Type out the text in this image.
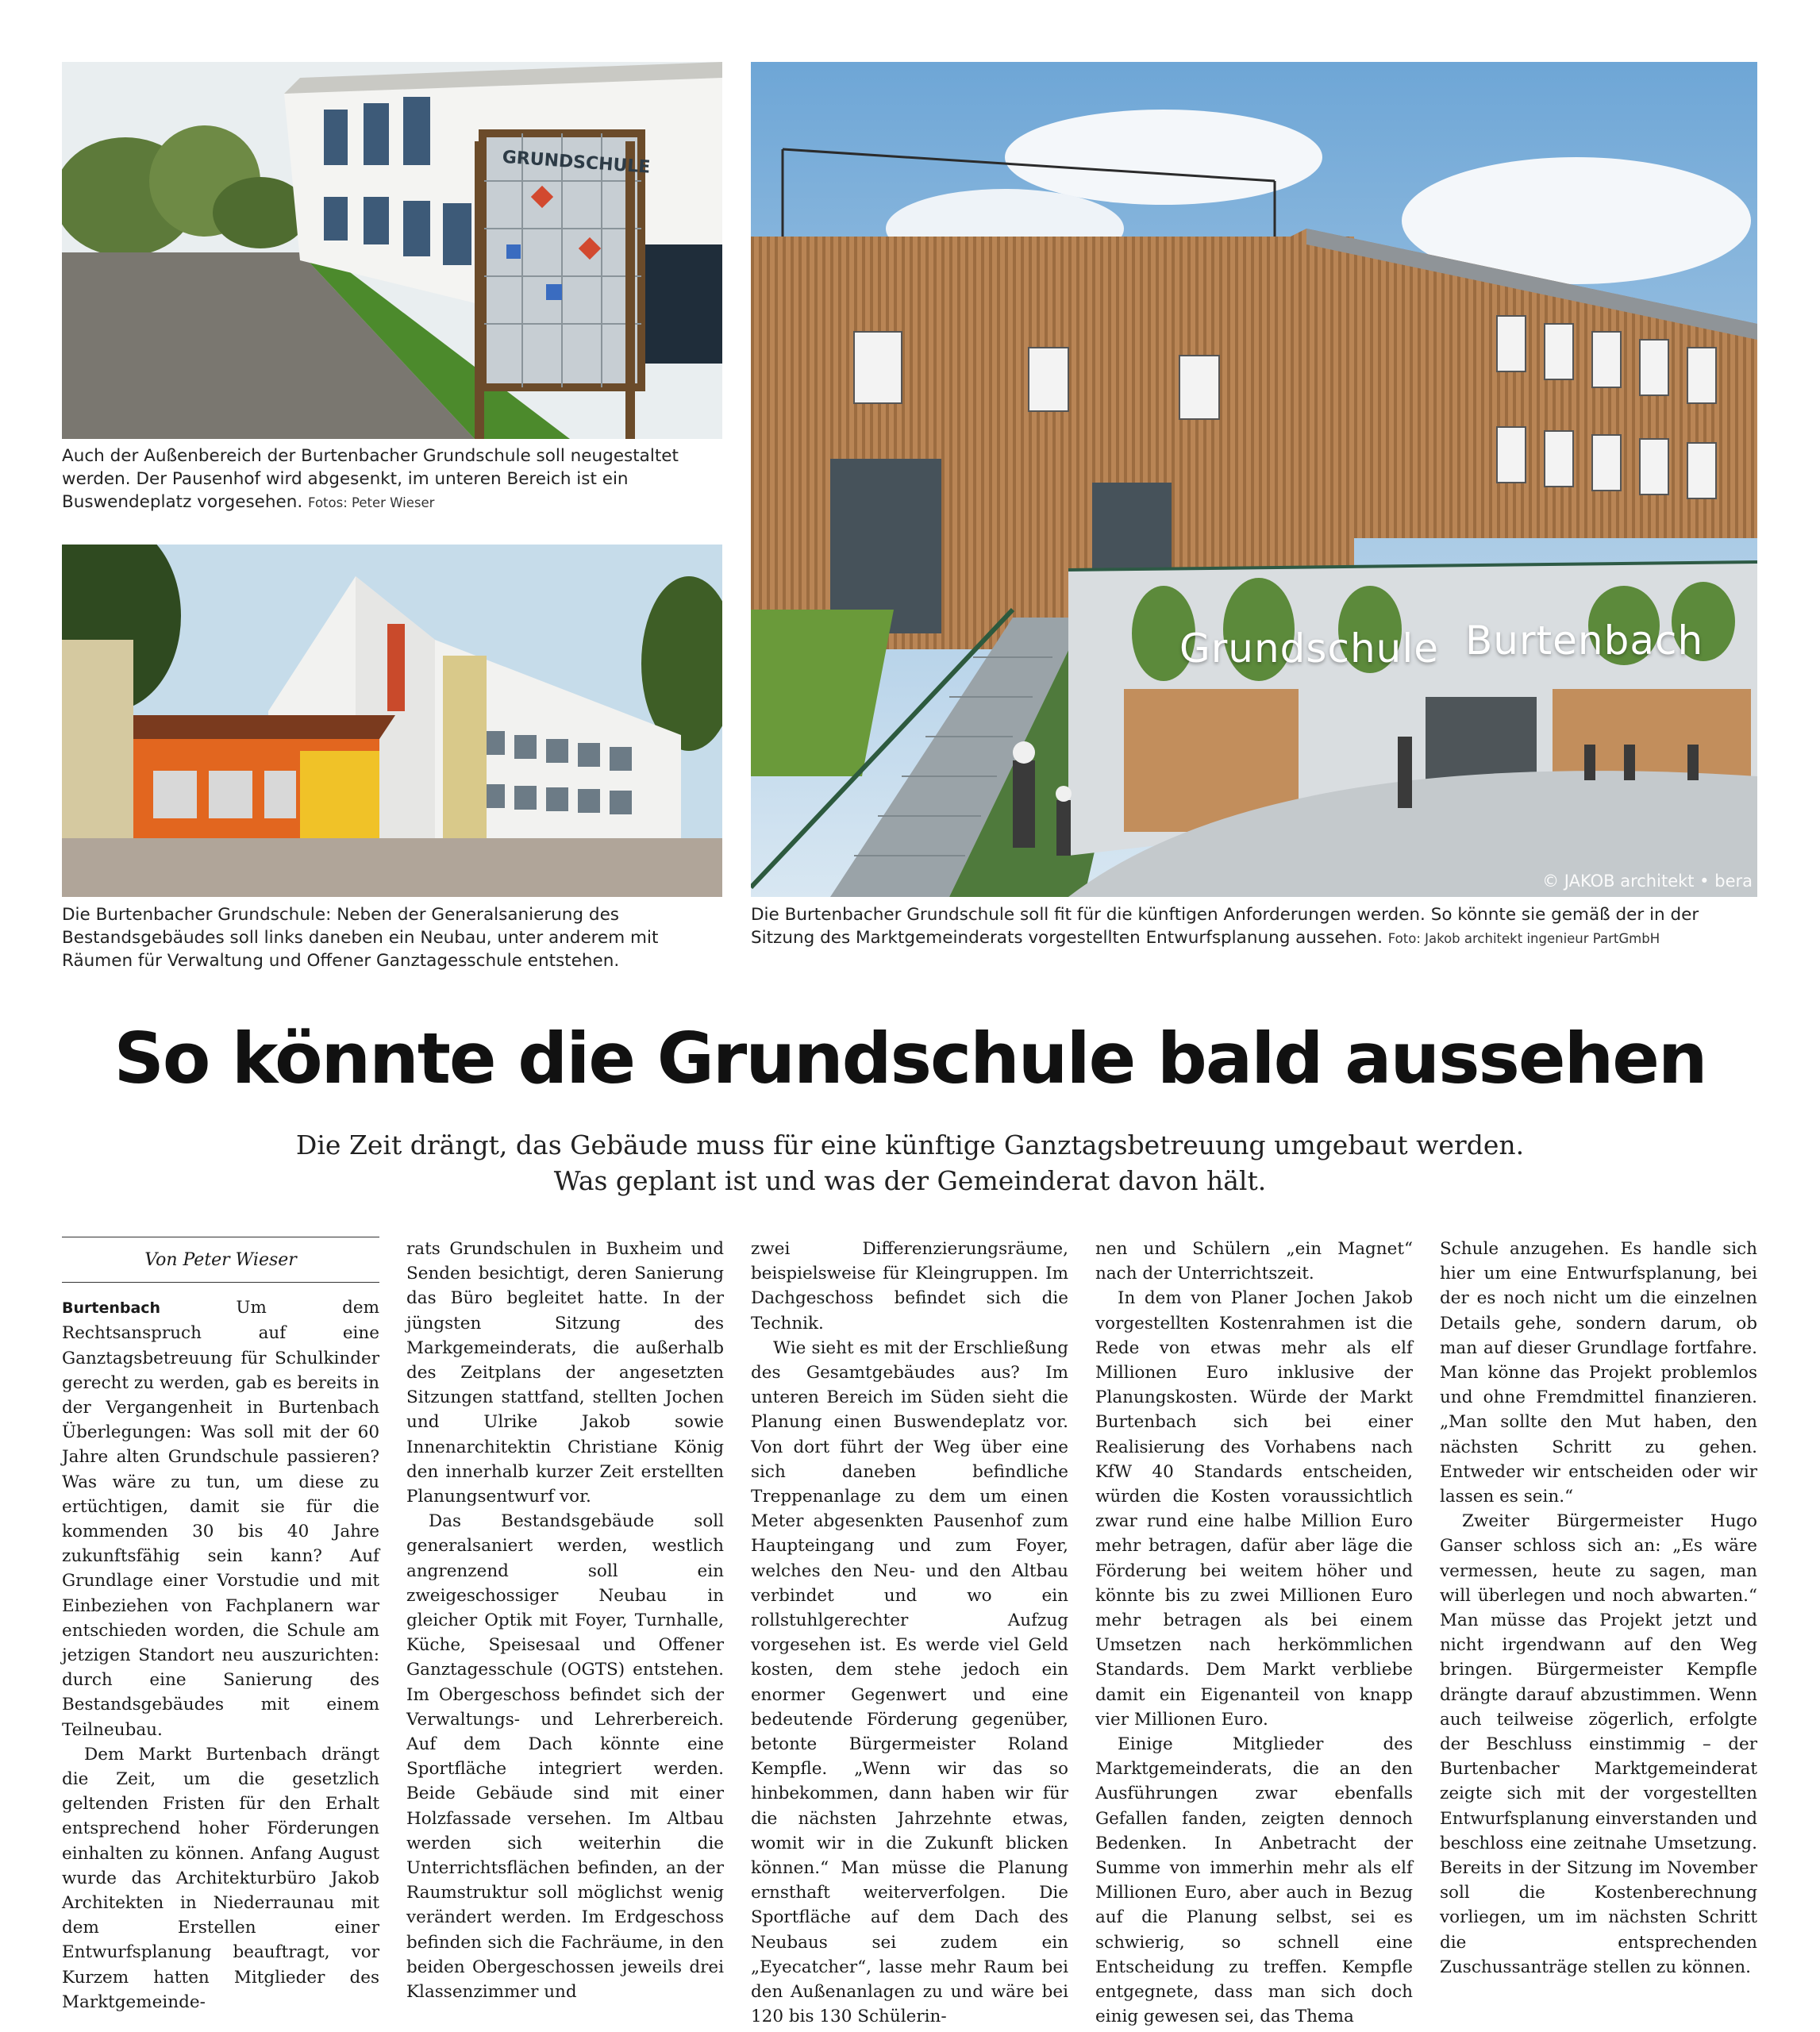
GRUNDSCHULE

Auch der Außenbereich der Burtenbacher Grundschule soll neugestaltet werden. Der Pausenhof wird abgesenkt, im unteren Bereich ist ein Buswendeplatz vorgesehen. Fotos: Peter Wieser

Die Burtenbacher Grundschule: Neben der Generalsanierung des Bestandsgebäudes soll links daneben ein Neubau, unter anderem mit Räumen für Verwaltung und Offener Ganztagesschule entstehen.

Grundschule Burtenbach
© JAKOB architekt • bera

Die Burtenbacher Grundschule soll fit für die künftigen Anforderungen werden. So könnte sie gemäß der in der Sitzung des Marktgemeinderats vorgestellten Entwurfsplanung aussehen. Foto: Jakob architekt ingenieur PartGmbH

So könnte die Grundschule bald aussehen
Die Zeit drängt, das Gebäude muss für eine künftige Ganztagsbetreuung umgebaut werden.
Was geplant ist und was der Gemeinderat davon hält.
Von Peter Wieser

Burtenbach	Um dem Rechtsanspruch auf eine Ganztagsbetreuung für Schulkinder gerecht zu werden, gab es bereits in der Vergangenheit in Burtenbach Überlegungen: Was soll mit der 60 Jahre alten Grundschule passieren? Was wäre zu tun, um diese zu ertüchtigen, damit sie für die kommenden 30 bis 40 Jahre zukunftsfähig sein kann? Auf Grundlage einer Vorstudie und mit Einbeziehen von Fachplanern war entschieden worden, die Schule am jetzigen Standort neu auszurichten: durch eine Sanierung des Bestandsgebäudes mit einem Teilneubau.

Dem Markt Burtenbach drängt die Zeit, um die gesetzlich geltenden Fristen für den Erhalt entsprechend hoher Förderungen einhalten zu können. Anfang August wurde das Architekturbüro Jakob Architekten in Niederraunau mit dem Erstellen einer Entwurfsplanung beauftragt, vor Kurzem hatten Mitglieder des Marktgemeinde-

rats Grundschulen in Buxheim und Senden besichtigt, deren Sanierung das Büro begleitet hatte. In der jüngsten Sitzung des Markgemeinderats, die außerhalb des Zeitplans der angesetzten Sitzungen stattfand, stellten Jochen und Ulrike Jakob sowie Innenarchitektin Christiane König den innerhalb kurzer Zeit erstellten Planungsentwurf vor.

Das Bestandsgebäude soll generalsaniert werden, westlich angrenzend soll ein zweigeschossiger Neubau in gleicher Optik mit Foyer, Turnhalle, Küche, Speisesaal und Offener Ganztagesschule (OGTS) entstehen. Im Obergeschoss befindet sich der Verwaltungs- und Lehrerbereich. Auf dem Dach könnte eine Sportfläche integriert werden. Beide Gebäude sind mit einer Holzfassade versehen. Im Altbau werden sich weiterhin die Unterrichtsflächen befinden, an der Raumstruktur soll möglichst wenig verändert werden. Im Erdgeschoss befinden sich die Fachräume, in den beiden Obergeschossen jeweils drei Klassenzimmer und

zwei Differenzierungsräume, beispielsweise für Kleingruppen. Im Dachgeschoss befindet sich die Technik.

Wie sieht es mit der Erschließung des Gesamtgebäudes aus? Im unteren Bereich im Süden sieht die Planung einen Buswendeplatz vor. Von dort führt der Weg über eine sich daneben befindliche Treppenanlage zu dem um einen Meter abgesenkten Pausenhof zum Haupteingang und zum Foyer, welches den Neu- und den Altbau verbindet und wo ein rollstuhlgerechter Aufzug vorgesehen ist. Es werde viel Geld kosten, dem stehe jedoch ein enormer Gegenwert und eine bedeutende Förderung gegenüber, betonte Bürgermeister Roland Kempfle. „Wenn wir das so hinbekommen, dann haben wir für die nächsten Jahrzehnte etwas, womit wir in die Zukunft blicken können.“ Man müsse die Planung ernsthaft weiterverfolgen. Die Sportfläche auf dem Dach des Neubaus sei zudem ein „Eyecatcher“, lasse mehr Raum bei den Außenanlagen zu und wäre bei 120 bis 130 Schülerin-

nen und Schülern „ein Magnet“ nach der Unterrichtszeit.

In dem von Planer Jochen Jakob vorgestellten Kostenrahmen ist die Rede von etwas mehr als elf Millionen Euro inklusive der Planungskosten. Würde der Markt Burtenbach sich bei einer Realisierung des Vorhabens nach KfW 40 Standards entscheiden, würden die Kosten voraussichtlich zwar rund eine halbe Million Euro mehr betragen, dafür aber läge die Förderung bei weitem höher und könnte bis zu zwei Millionen Euro mehr betragen als bei einem Umsetzen nach herkömmlichen Standards. Dem Markt verbliebe damit ein Eigenanteil von knapp vier Millionen Euro.

Einige Mitglieder des Marktgemeinderats, die an den Ausführungen zwar ebenfalls Gefallen fanden, zeigten dennoch Bedenken. In Anbetracht der Summe von immerhin mehr als elf Millionen Euro, aber auch in Bezug auf die Planung selbst, sei es schwierig, so schnell eine Entscheidung zu treffen. Kempfle entgegnete, dass man sich doch einig gewesen sei, das Thema

Schule anzugehen. Es handle sich hier um eine Entwurfsplanung, bei der es noch nicht um die einzelnen Details gehe, sondern darum, ob man auf dieser Grundlage fortfahre. Man könne das Projekt problemlos und ohne Fremdmittel finanzieren. „Man sollte den Mut haben, den nächsten Schritt zu gehen. Entweder wir entscheiden oder wir lassen es sein.“

Zweiter Bürgermeister Hugo Ganser schloss sich an: „Es wäre vermessen, heute zu sagen, man will überlegen und noch abwarten.“ Man müsse das Projekt jetzt und nicht irgendwann auf den Weg bringen. Bürgermeister Kempfle drängte darauf abzustimmen. Wenn auch teilweise zögerlich, erfolgte der Beschluss einstimmig – der Burtenbacher Marktgemeinderat zeigte sich mit der vorgestellten Entwurfsplanung einverstanden und beschloss eine zeitnahe Umsetzung. Bereits in der Sitzung im November soll die Kostenberechnung vorliegen, um im nächsten Schritt die entsprechenden Zuschussanträge stellen zu können.
